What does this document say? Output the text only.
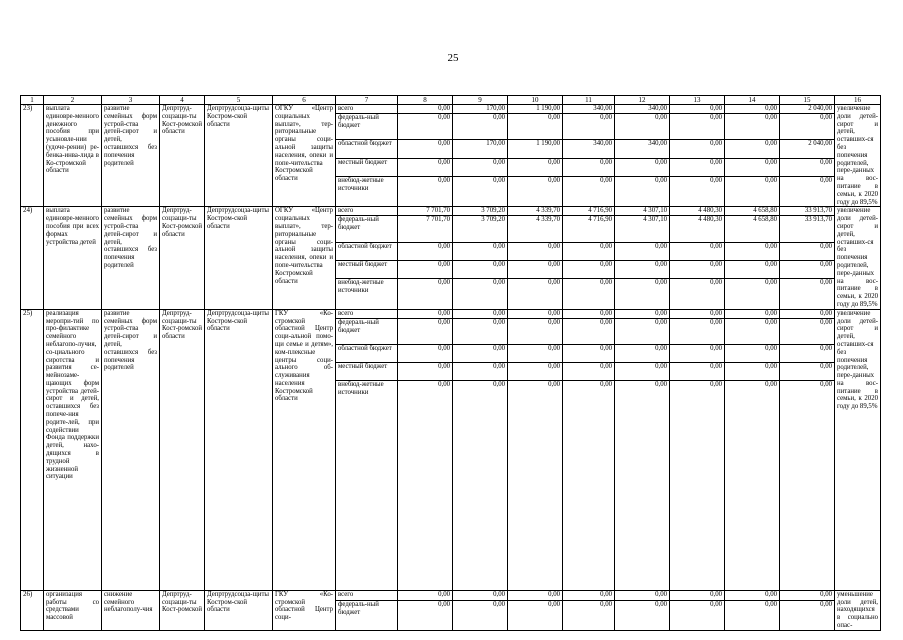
25
1	2	3	4	5	6	7	8	9	10	11	12	13	14	15	16
23)	выплата единовре-менного денежного пособия при усыновле-нии (удоче-рении) ре-бенка-инва-лида в Ко-стромской области	развитие семейных форм устрой-ства детей-сирот и детей, оставшихся без попечения родителей	Депртруд-соцзащи-ты Кост-ромской области	Депртрудсоцза-щиты Костром-ской области	ОГКУ «Центр социальных выплат», тер-риториальные органы соци-альной защиты населения, опеки и попе-чительства Костромской области	всего	0,00	170,00	1 190,00	340,00	340,00	0,00	0,00	2 040,00	увеличение доли детей-сирот и детей, оставших-ся без попечения родителей, пере-данных на вос-питание в семьи, к 2020 году до 89,5%
						федераль-ный бюджет	0,00	0,00	0,00	0,00	0,00	0,00	0,00	0,00	
						областной бюджет	0,00	170,00	1 190,00	340,00	340,00	0,00	0,00	2 040,00	
						местный бюджет	0,00	0,00	0,00	0,00	0,00	0,00	0,00	0,00	
						внебюд-жетные источники	0,00	0,00	0,00	0,00	0,00	0,00	0,00	0,00	
24)	выплата единовре-менного пособия при всех формах устройства детей	развитие семейных форм устрой-ства детей-сирот и детей, оставшихся без попечения родителей	Депртруд-соцзащи-ты Кост-ромской области	Депртрудсоцза-щиты Костром-ской области	ОГКУ «Центр социальных выплат», тер-риториальные органы соци-альной защиты населения, опеки и попе-чительства Костромской области	всего	7 701,70	3 709,20	4 339,70	4 716,90	4 307,10	4 480,30	4 658,80	33 913,70	увеличение доли детей-сирот и детей, оставших-ся без попечения родителей, пере-данных на вос-питание в семьи, к 2020 году до 89,5%
						федераль-ный бюджет	7 701,70	3 709,20	4 339,70	4 716,90	4 307,10	4 480,30	4 658,80	33 913,70	
						областной бюджет	0,00	0,00	0,00	0,00	0,00	0,00	0,00	0,00	
						местный бюджет	0,00	0,00	0,00	0,00	0,00	0,00	0,00	0,00	
						внебюд-жетные источники	0,00	0,00	0,00	0,00	0,00	0,00	0,00	0,00	
25)	реализация меропри-тий по про-филактике семейного неблагопо-лучия, со-циального сиротства и развития се-мейнозаме-щающих форм устройства детей-сирот и детей, оставшихся без попече-ния родите-лей, при содействии Фонда поддержки детей, нахо-дящихся в трудной жизненной ситуации	развитие семейных форм устрой-ства детей-сирот и детей, оставшихся без попечения родителей	Депртруд-соцзащи-ты Кост-ромской области	Депртрудсоцза-щиты Костром-ской области	ГКУ «Ко-стромской областной Центр соци-альной помо-щи семье и детям», ком-плексные центры соци-ального об-служивания населения Костромской области	всего	0,00	0,00	0,00	0,00	0,00	0,00	0,00	0,00	увеличение доли детей-сирот и детей, оставших-ся без попечения родителей, пере-данных на вос-питание в семьи, к 2020 году до 89,5%
						федераль-ный бюджет	0,00	0,00	0,00	0,00	0,00	0,00	0,00	0,00	
						областной бюджет	0,00	0,00	0,00	0,00	0,00	0,00	0,00	0,00	
						местный бюджет	0,00	0,00	0,00	0,00	0,00	0,00	0,00	0,00	
						внебюд-жетные источники	0,00	0,00	0,00	0,00	0,00	0,00	0,00	0,00	
26)	организация работы со средствами массовой	снижение семейного неблагополу-чия	Депртруд-соцзащи-ты Кост-ромской	Депртрудсоцза-щиты Костром-ской области	ГКУ «Ко-стромской областной Центр соци-	всего	0,00	0,00	0,00	0,00	0,00	0,00	0,00	0,00	уменьшение доли детей, находящихся в социально опас-
						федераль-ный бюджет	0,00	0,00	0,00	0,00	0,00	0,00	0,00	0,00	
